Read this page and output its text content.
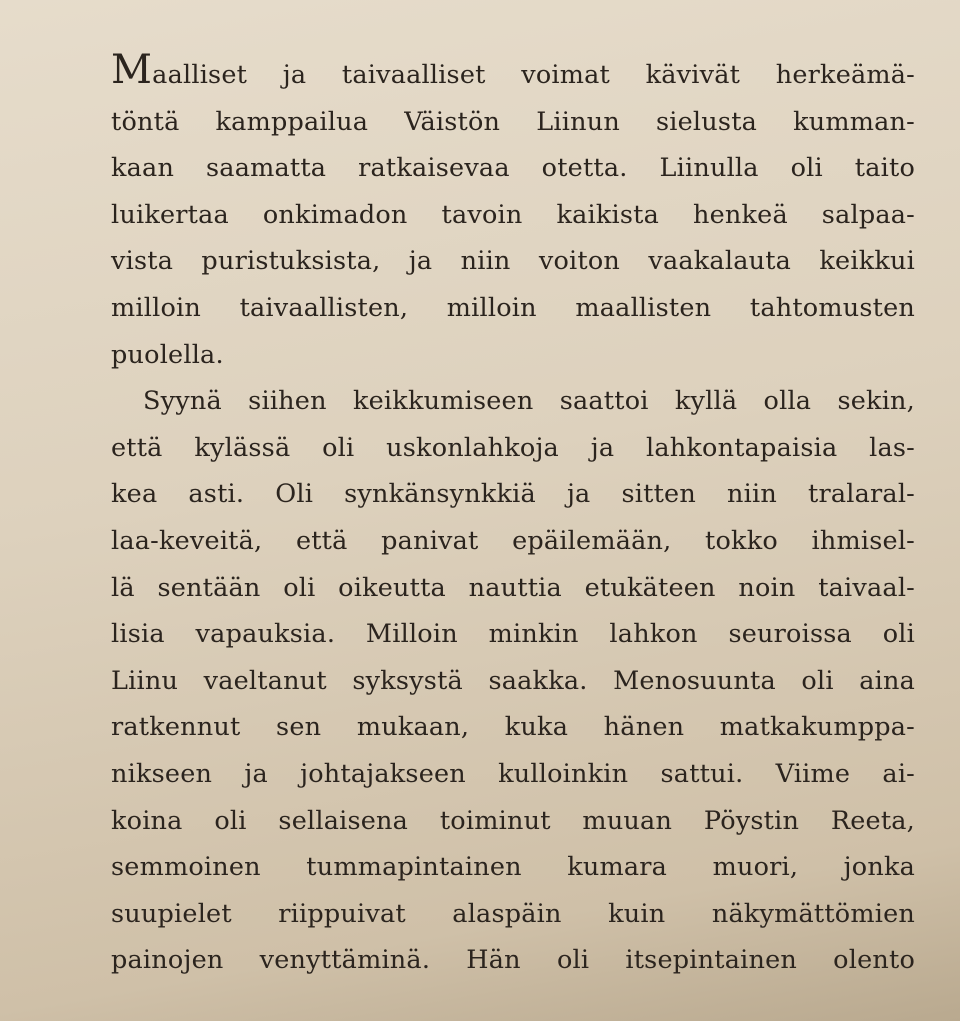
Maalliset ja taivaalliset voimat kävivät herkeämä-
töntä kamppailua Väistön Liinun sielusta kumman-
kaan saamatta ratkaisevaa otetta. Liinulla oli taito
luikertaa onkimadon tavoin kaikista henkeä salpaa-
vista puristuksista, ja niin voiton vaakalauta keikkui
milloin taivaallisten, milloin maallisten tahtomusten
puolella.
Syynä siihen keikkumiseen saattoi kyllä olla sekin,
että kylässä oli uskonlahkoja ja lahkontapaisia las-
kea asti. Oli synkänsynkkiä ja sitten niin tralaral-
laa-keveitä, että panivat epäilemään, tokko ihmisel-
lä sentään oli oikeutta nauttia etukäteen noin taivaal-
lisia vapauksia. Milloin minkin lahkon seuroissa oli
Liinu vaeltanut syksystä saakka. Menosuunta oli aina
ratkennut sen mukaan, kuka hänen matkakumppa-
nikseen ja johtajakseen kulloinkin sattui. Viime ai-
koina oli sellaisena toiminut muuan Pöystin Reeta,
semmoinen tummapintainen kumara muori, jonka
suupielet riippuivat alaspäin kuin näkymättömien
painojen venyttäminä. Hän oli itsepintainen olento
